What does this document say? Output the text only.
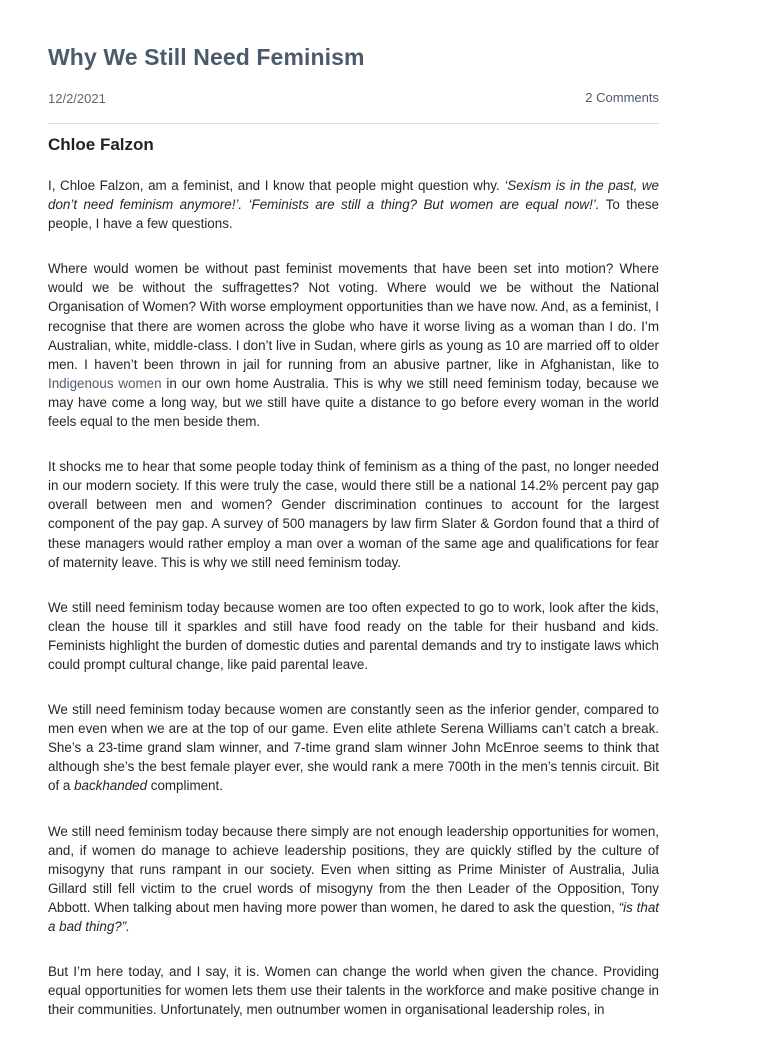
Why We Still Need Feminism
12/2/2021	2 Comments
Chloe Falzon

I, Chloe Falzon, am a feminist, and I know that people might question why. ‘Sexism is in the past, we don’t need feminism anymore!’. ‘Feminists are still a thing? But women are equal now!’. To these people, I have a few questions.

Where would women be without past feminist movements that have been set into motion? Where would we be without the suffragettes? Not voting. Where would we be without the National Organisation of Women? With worse employment opportunities than we have now. And, as a feminist, I recognise that there are women across the globe who have it worse living as a woman than I do. I’m Australian, white, middle-class. I don’t live in Sudan, where girls as young as 10 are married off to older men. I haven’t been thrown in jail for running from an abusive partner, like in Afghanistan, like to Indigenous women in our own home Australia. This is why we still need feminism today, because we may have come a long way, but we still have quite a distance to go before every woman in the world feels equal to the men beside them.

It shocks me to hear that some people today think of feminism as a thing of the past, no longer needed in our modern society. If this were truly the case, would there still be a national 14.2% percent pay gap overall between men and women? Gender discrimination continues to account for the largest component of the pay gap. A survey of 500 managers by law firm Slater & Gordon found that a third of these managers would rather employ a man over a woman of the same age and qualifications for fear of maternity leave. This is why we still need feminism today.

We still need feminism today because women are too often expected to go to work, look after the kids, clean the house till it sparkles and still have food ready on the table for their husband and kids. Feminists highlight the burden of domestic duties and parental demands and try to instigate laws which could prompt cultural change, like paid parental leave.

We still need feminism today because women are constantly seen as the inferior gender, compared to men even when we are at the top of our game. Even elite athlete Serena Williams can’t catch a break. She’s a 23-time grand slam winner, and 7-time grand slam winner John McEnroe seems to think that although she’s the best female player ever, she would rank a mere 700th in the men’s tennis circuit. Bit of a backhanded compliment.

We still need feminism today because there simply are not enough leadership opportunities for women, and, if women do manage to achieve leadership positions, they are quickly stifled by the culture of misogyny that runs rampant in our society. Even when sitting as Prime Minister of Australia, Julia Gillard still fell victim to the cruel words of misogyny from the then Leader of the Opposition, Tony Abbott. When talking about men having more power than women, he dared to ask the question, “is that a bad thing?”.

But I’m here today, and I say, it is. Women can change the world when given the chance. Providing equal opportunities for women lets them use their talents in the workforce and make positive change in their communities. Unfortunately, men outnumber women in organisational leadership roles, in
